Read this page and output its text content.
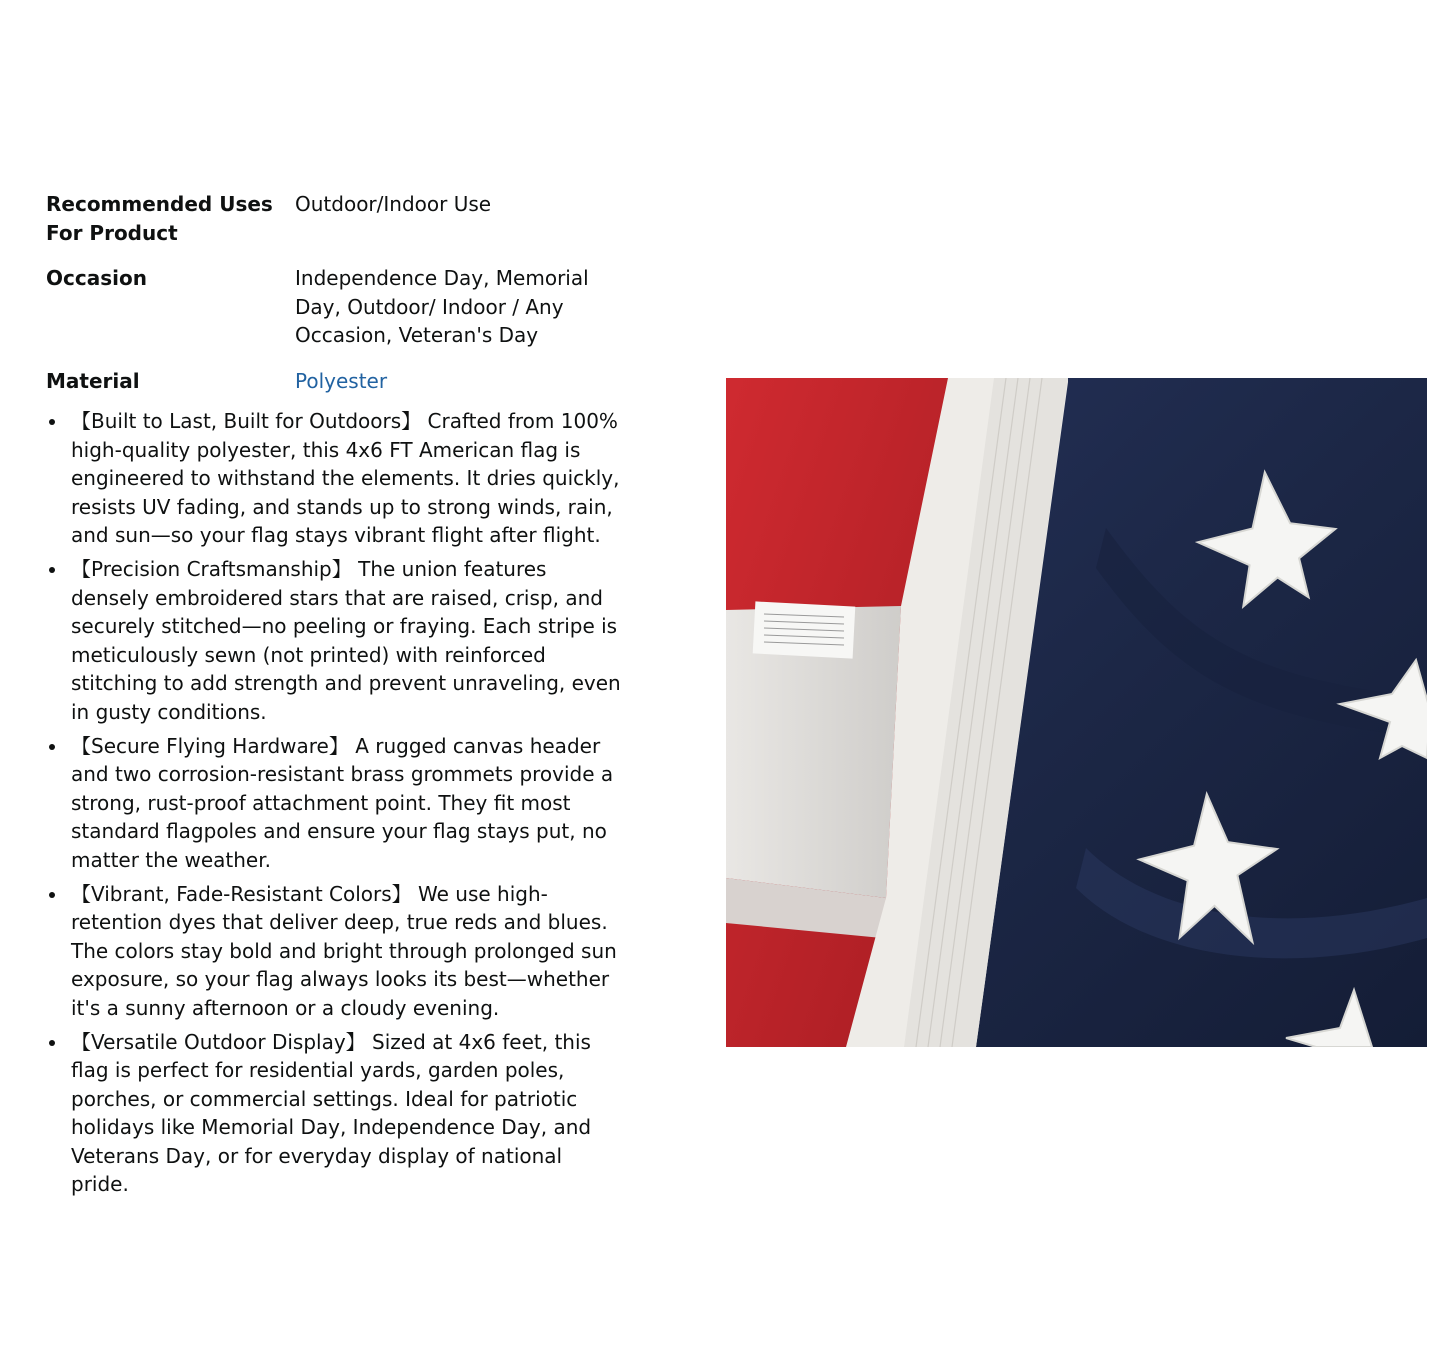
Recommended Uses For Product	Outdoor/Indoor Use
Occasion	Independence Day, Memorial Day, Outdoor/ Indoor / Any Occasion, Veteran's Day
Material	Polyester
【Built to Last, Built for Outdoors】 Crafted from 100% high-quality polyester, this 4x6 FT American flag is engineered to withstand the elements. It dries quickly, resists UV fading, and stands up to strong winds, rain, and sun—so your flag stays vibrant flight after flight.
【Precision Craftsmanship】 The union features densely embroidered stars that are raised, crisp, and securely stitched—no peeling or fraying. Each stripe is meticulously sewn (not printed) with reinforced stitching to add strength and prevent unraveling, even in gusty conditions.
【Secure Flying Hardware】 A rugged canvas header and two corrosion-resistant brass grommets provide a strong, rust-proof attachment point. They fit most standard flagpoles and ensure your flag stays put, no matter the weather.
【Vibrant, Fade-Resistant Colors】 We use high-retention dyes that deliver deep, true reds and blues. The colors stay bold and bright through prolonged sun exposure, so your flag always looks its best—whether it's a sunny afternoon or a cloudy evening.
【Versatile Outdoor Display】 Sized at 4x6 feet, this flag is perfect for residential yards, garden poles, porches, or commercial settings. Ideal for patriotic holidays like Memorial Day, Independence Day, and Veterans Day, or for everyday display of national pride.
